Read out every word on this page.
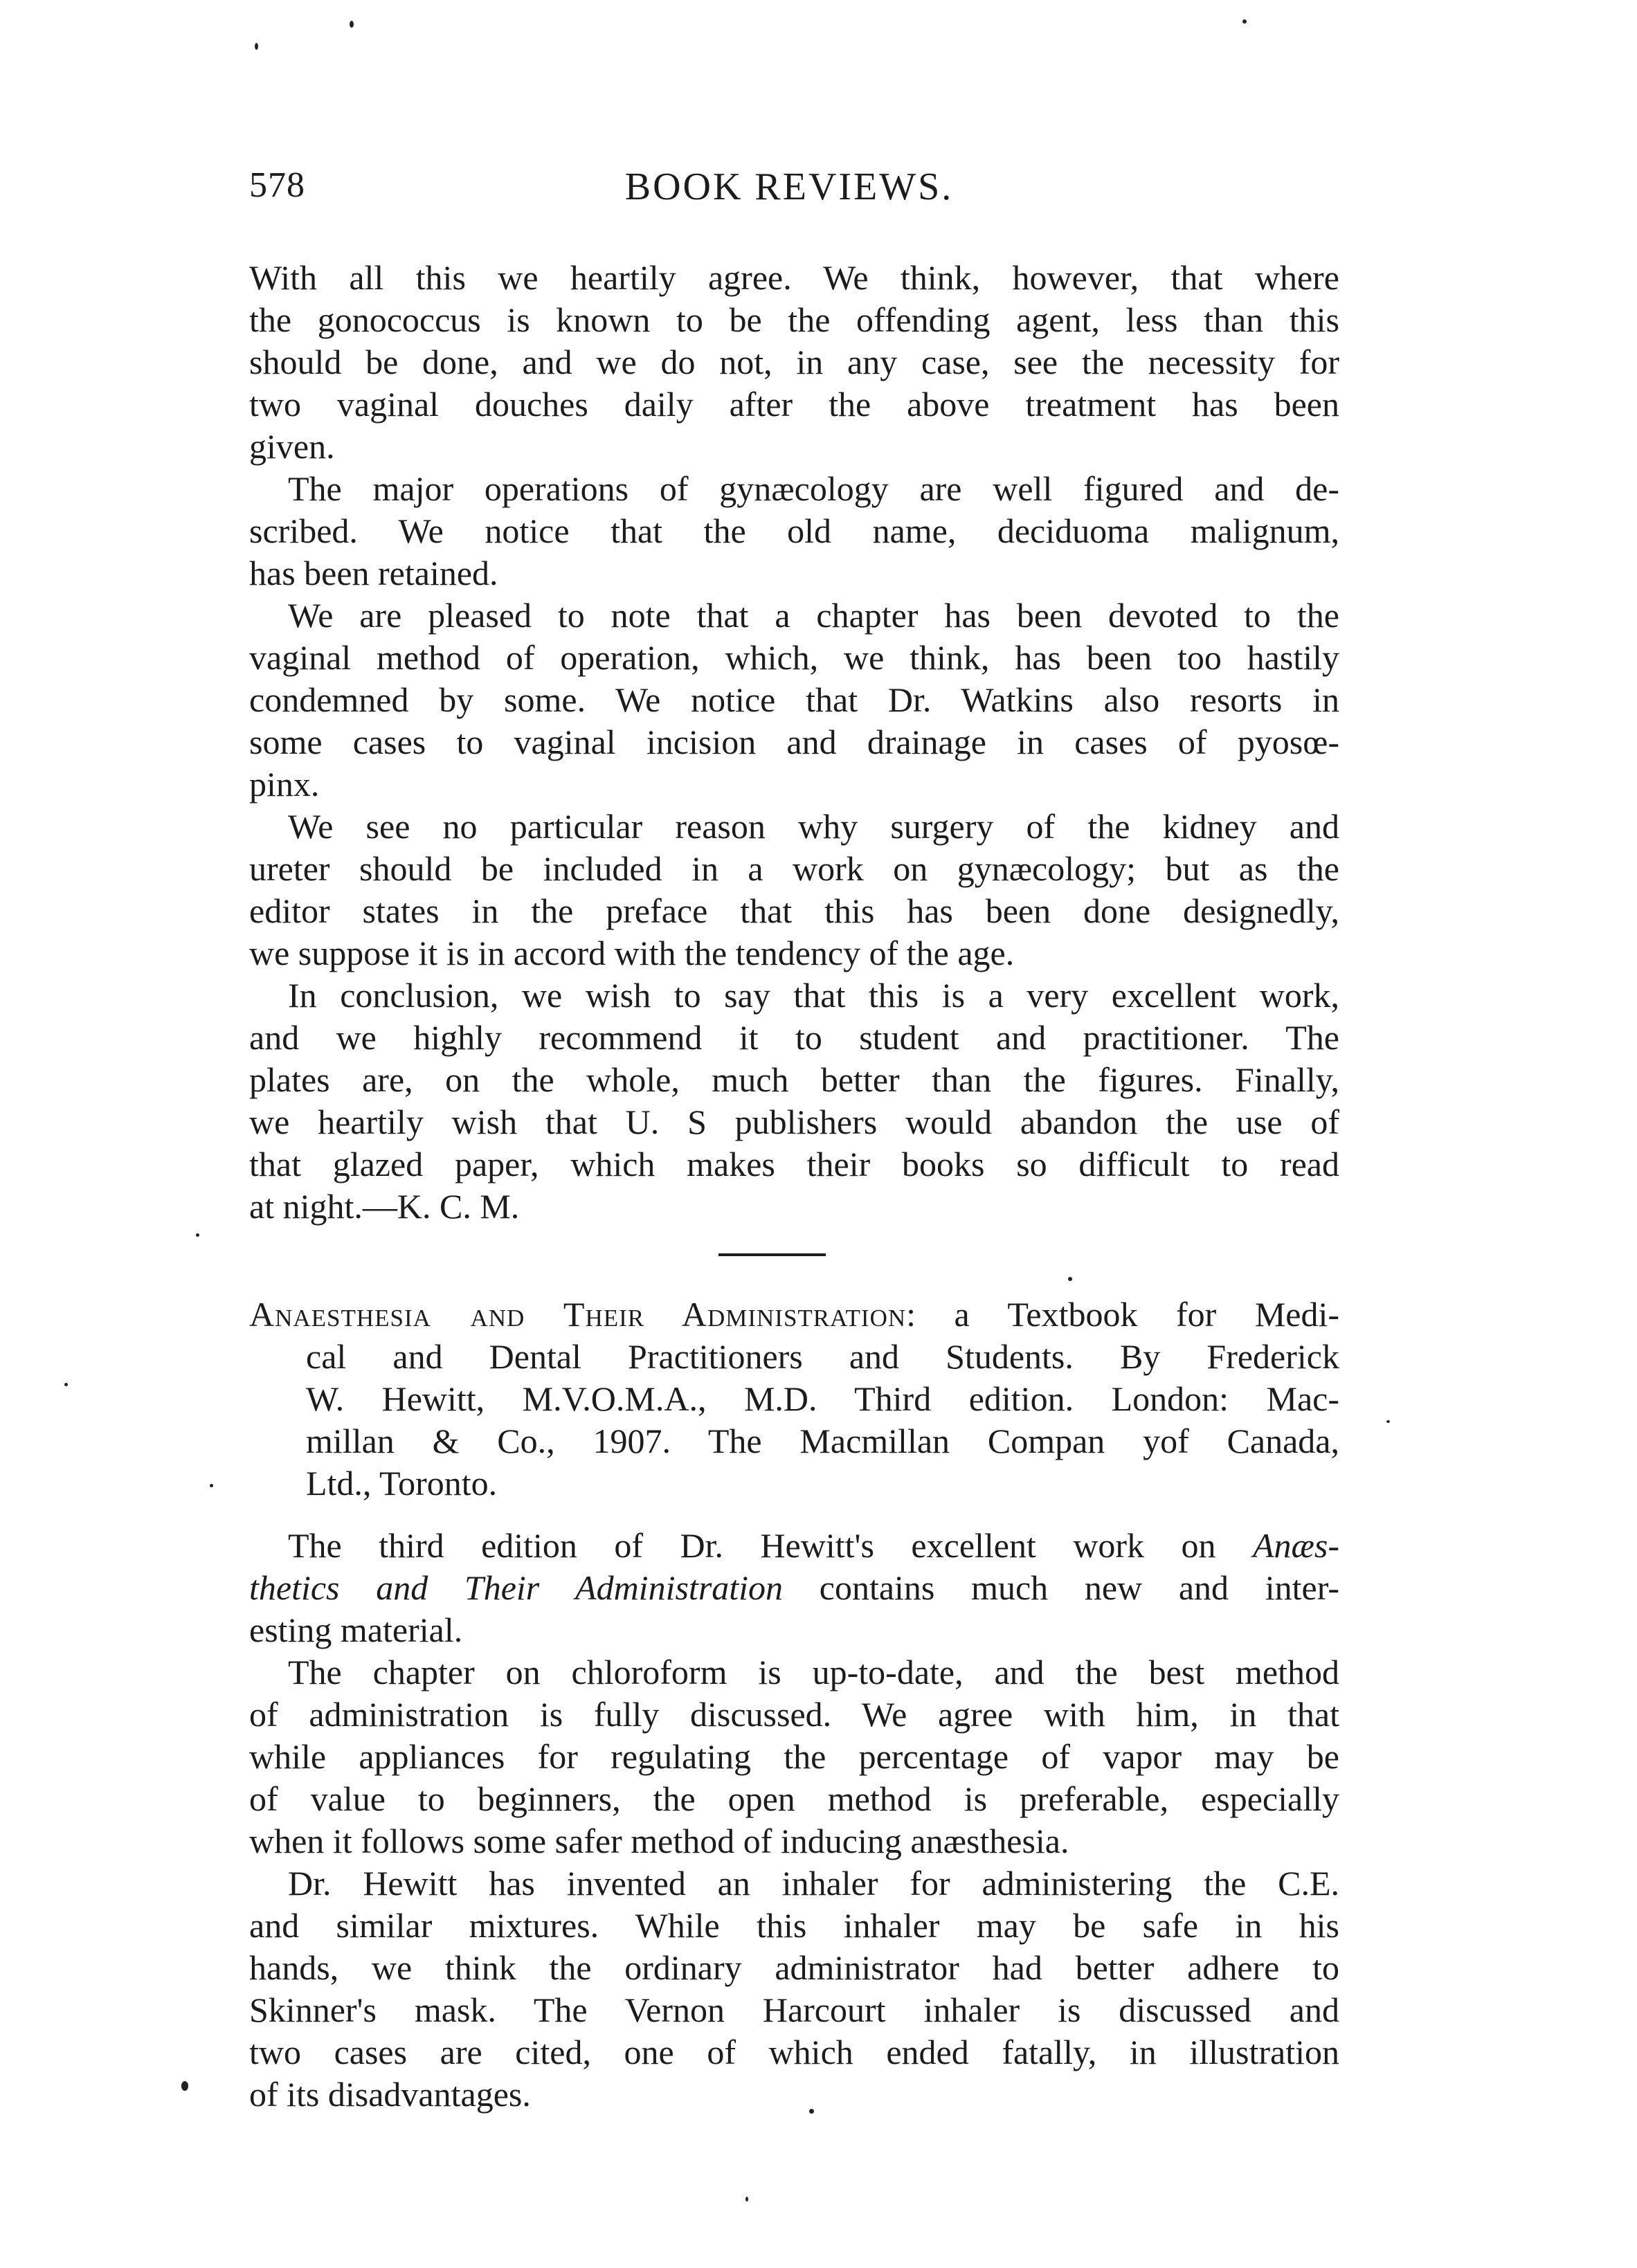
578	BOOK REVIEWS.
With all this we heartily agree. We think, however, that where
the gonococcus is known to be the offending agent, less than this
should be done, and we do not, in any case, see the necessity for
two vaginal douches daily after the above treatment has been
given.
The major operations of gynæcology are well figured and de-
scribed. We notice that the old name, deciduoma malignum,
has been retained.
We are pleased to note that a chapter has been devoted to the
vaginal method of operation, which, we think, has been too hastily
condemned by some. We notice that Dr. Watkins also resorts in
some cases to vaginal incision and drainage in cases of pyosœ-
pinx.
We see no particular reason why surgery of the kidney and
ureter should be included in a work on gynæcology; but as the
editor states in the preface that this has been done designedly,
we suppose it is in accord with the tendency of the age.
In conclusion, we wish to say that this is a very excellent work,
and we highly recommend it to student and practitioner. The
plates are, on the whole, much better than the figures. Finally,
we heartily wish that U. S publishers would abandon the use of
that glazed paper, which makes their books so difficult to read
at night.—K. C. M.
Anaesthesia and Their Administration: a Textbook for Medi-
cal and Dental Practitioners and Students. By Frederick
W. Hewitt, M.V.O.M.A., M.D. Third edition. London: Mac-
millan & Co., 1907. The Macmillan Compan yof Canada,
Ltd., Toronto.
The third edition of Dr. Hewitt's excellent work on Anæs-
thetics and Their Administration contains much new and inter-
esting material.
The chapter on chloroform is up-to-date, and the best method
of administration is fully discussed. We agree with him, in that
while appliances for regulating the percentage of vapor may be
of value to beginners, the open method is preferable, especially
when it follows some safer method of inducing anæsthesia.
Dr. Hewitt has invented an inhaler for administering the C.E.
and similar mixtures. While this inhaler may be safe in his
hands, we think the ordinary administrator had better adhere to
Skinner's mask. The Vernon Harcourt inhaler is discussed and
two cases are cited, one of which ended fatally, in illustration
of its disadvantages.
